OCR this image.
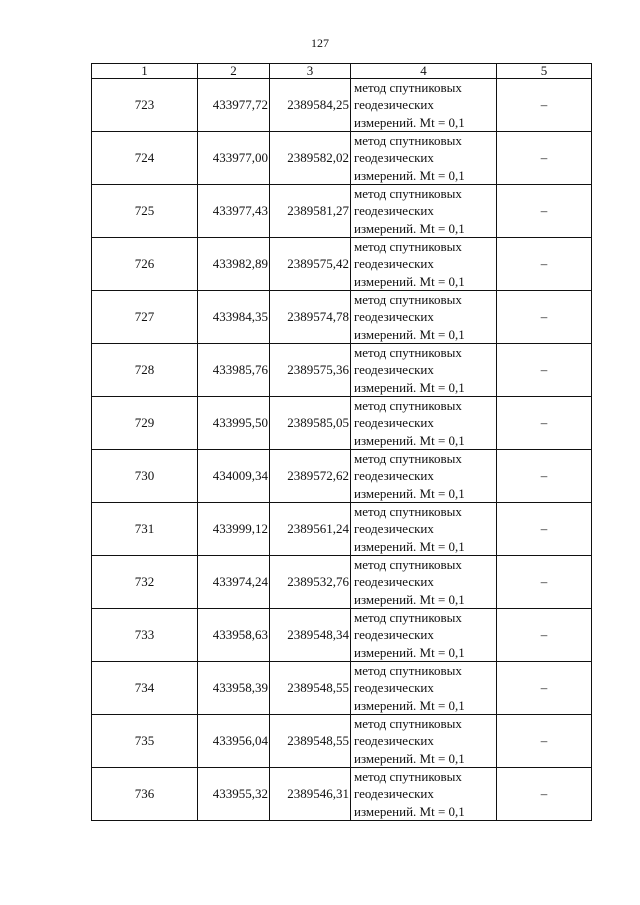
127
1	2	3	4	5
723	433977,72	2389584,25	метод спутниковых
геодезических
измерений. Mt = 0,1	–
724	433977,00	2389582,02	метод спутниковых
геодезических
измерений. Mt = 0,1	–
725	433977,43	2389581,27	метод спутниковых
геодезических
измерений. Mt = 0,1	–
726	433982,89	2389575,42	метод спутниковых
геодезических
измерений. Mt = 0,1	–
727	433984,35	2389574,78	метод спутниковых
геодезических
измерений. Mt = 0,1	–
728	433985,76	2389575,36	метод спутниковых
геодезических
измерений. Mt = 0,1	–
729	433995,50	2389585,05	метод спутниковых
геодезических
измерений. Mt = 0,1	–
730	434009,34	2389572,62	метод спутниковых
геодезических
измерений. Mt = 0,1	–
731	433999,12	2389561,24	метод спутниковых
геодезических
измерений. Mt = 0,1	–
732	433974,24	2389532,76	метод спутниковых
геодезических
измерений. Mt = 0,1	–
733	433958,63	2389548,34	метод спутниковых
геодезических
измерений. Mt = 0,1	–
734	433958,39	2389548,55	метод спутниковых
геодезических
измерений. Mt = 0,1	–
735	433956,04	2389548,55	метод спутниковых
геодезических
измерений. Mt = 0,1	–
736	433955,32	2389546,31	метод спутниковых
геодезических
измерений. Mt = 0,1	–
